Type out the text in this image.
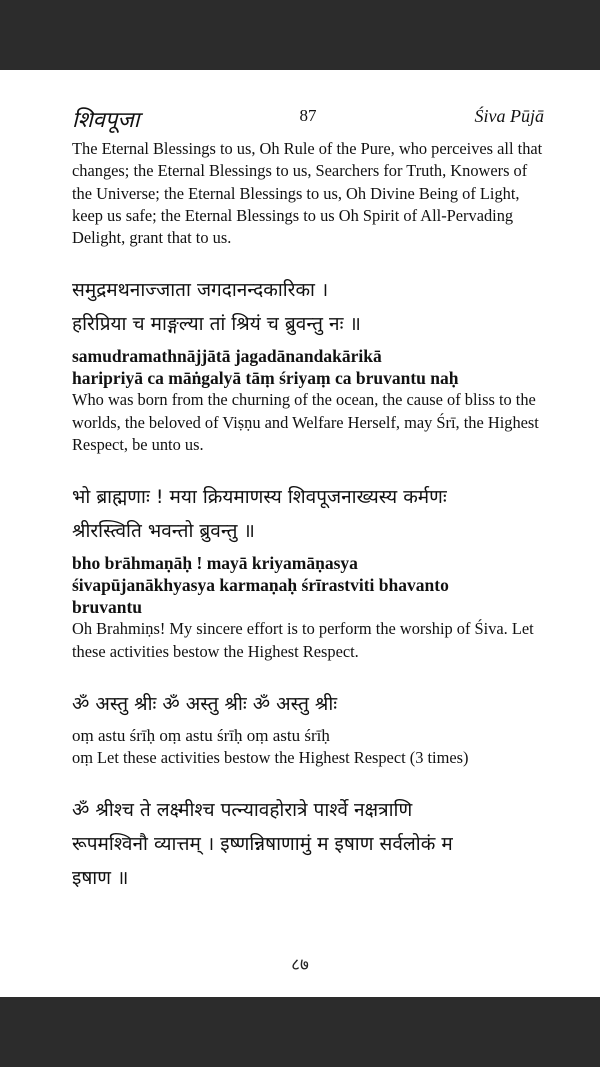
शिवपूजा	87	Śiva Pūjā

The Eternal Blessings to us, Oh Rule of the Pure, who perceives all that changes; the Eternal Blessings to us, Searchers for Truth, Knowers of the Universe; the Eternal Blessings to us, Oh Divine Being of Light, keep us safe; the Eternal Blessings to us Oh Spirit of All-Pervading Delight, grant that to us.

समुद्रमथनाज्जाता जगदानन्दकारिका ।

हरिप्रिया च माङ्गल्या तां श्रियं च ब्रुवन्तु नः ॥

samudramathnājjātā jagadānandakārikā

haripriyā ca māṅgalyā tāṃ śriyaṃ ca bruvantu naḥ

Who was born from the churning of the ocean, the cause of bliss to the worlds, the beloved of Viṣṇu and Welfare Herself, may Śrī, the Highest Respect, be unto us.

भो ब्राह्मणाः ! मया क्रियमाणस्य शिवपूजनाख्यस्य कर्मणः

श्रीरस्त्विति भवन्तो ब्रुवन्तु ॥

bho brāhmaṇāḥ ! mayā kriyamāṇasya

śivapūjanākhyasya karmaṇaḥ śrīrastviti bhavanto

bruvantu

Oh Brahmiṇs! My sincere effort is to perform the worship of Śiva. Let these activities bestow the Highest Respect.

ॐ अस्तु श्रीः ॐ अस्तु श्रीः ॐ अस्तु श्रीः

oṃ astu śrīḥ oṃ astu śrīḥ oṃ astu śrīḥ

oṃ Let these activities bestow the Highest Respect (3 times)

ॐ श्रीश्च ते लक्ष्मीश्च पत्न्यावहोरात्रे पार्श्वे नक्षत्राणि

रूपमश्विनौ व्यात्तम् । इष्णन्निषाणामुं म इषाण सर्वलोकं म

इषाण ॥

८७
